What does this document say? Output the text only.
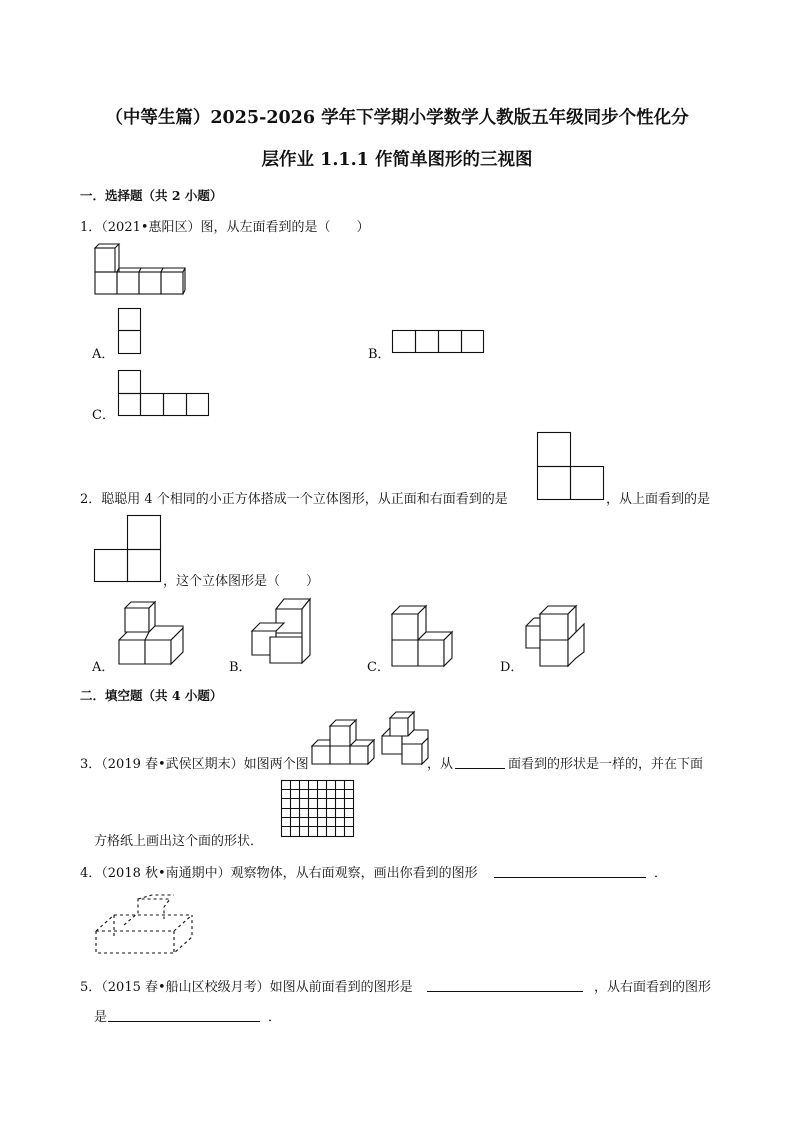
（中等生篇）2025-2026 学年下学期小学数学人教版五年级同步个性化分
层作业 1.1.1 作简单图形的三视图
一．选择题（共 2 小题）
1．（2021•惠阳区）图，从左面看到的是（　　）
A．	B．
C．
2．聪聪用 4 个相同的小正方体搭成一个立体图形，从正面和右面看到的是	，从上面看到的是
，这个立体图形是（　　）
A．	B．	C．	D．
二．填空题（共 4 小题）
3．（2019 春•武侯区期末）如图两个图	，从	面看到的形状是一样的，并在下面
方格纸上画出这个面的形状．
4．（2018 秋•南通期中）观察物体，从右面观察，画出你看到的图形	．
5．（2015 春•船山区校级月考）如图从前面看到的图形是	，从右面看到的图形
是	．
